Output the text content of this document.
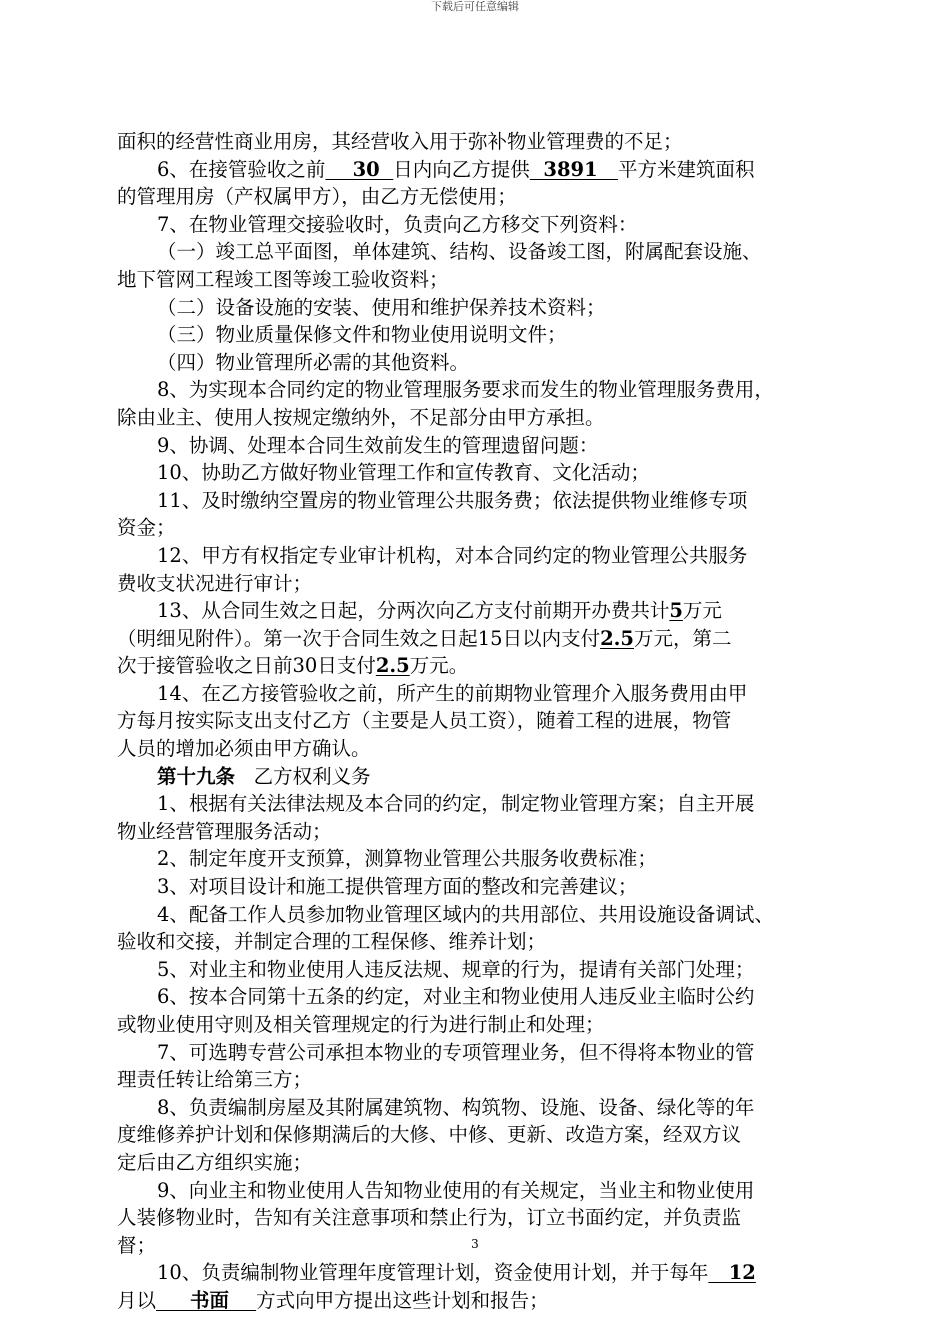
下载后可任意编辑
面积的经营性商业用房，其经营收入用于弥补物业管理费的不足；
6、在接管验收之前    30  日内向乙方提供  3891   平方米建筑面积
的管理用房（产权属甲方），由乙方无偿使用；
7、在物业管理交接验收时，负责向乙方移交下列资料：
（一）竣工总平面图，单体建筑、结构、设备竣工图，附属配套设施、
地下管网工程竣工图等竣工验收资料；
（二）设备设施的安装、使用和维护保养技术资料；
（三）物业质量保修文件和物业使用说明文件；
（四）物业管理所必需的其他资料。
8、为实现本合同约定的物业管理服务要求而发生的物业管理服务费用，
除由业主、使用人按规定缴纳外，不足部分由甲方承担。
9、协调、处理本合同生效前发生的管理遗留问题：
10、协助乙方做好物业管理工作和宣传教育、文化活动；
11、及时缴纳空置房的物业管理公共服务费；依法提供物业维修专项
资金；
12、甲方有权指定专业审计机构，对本合同约定的物业管理公共服务
费收支状况进行审计；
13、从合同生效之日起，分两次向乙方支付前期开办费共计5万元
（明细见附件）。第一次于合同生效之日起15日以内支付2.5万元，第二
次于接管验收之日前30日支付2.5万元。
14、在乙方接管验收之前，所产生的前期物业管理介入服务费用由甲
方每月按实际支出支付乙方（主要是人员工资），随着工程的进展，物管
人员的增加必须由甲方确认。
第十九条   乙方权利义务
1、根据有关法律法规及本合同的约定，制定物业管理方案；自主开展
物业经营管理服务活动；
2、制定年度开支预算，测算物业管理公共服务收费标准；
3、对项目设计和施工提供管理方面的整改和完善建议；
4、配备工作人员参加物业管理区域内的共用部位、共用设施设备调试、
验收和交接，并制定合理的工程保修、维养计划；
5、对业主和物业使用人违反法规、规章的行为，提请有关部门处理；
6、按本合同第十五条的约定，对业主和物业使用人违反业主临时公约
或物业使用守则及相关管理规定的行为进行制止和处理；
7、可选聘专营公司承担本物业的专项管理业务，但不得将本物业的管
理责任转让给第三方；
8、负责编制房屋及其附属建筑物、构筑物、设施、设备、绿化等的年
度维修养护计划和保修期满后的大修、中修、更新、改造方案，经双方议
定后由乙方组织实施；
9、向业主和物业使用人告知物业使用的有关规定，当业主和物业使用
人装修物业时，告知有关注意事项和禁止行为，订立书面约定，并负责监
督；
10、负责编制物业管理年度管理计划，资金使用计划，并于每年   12
月以     书面    方式向甲方提出这些计划和报告；
3
